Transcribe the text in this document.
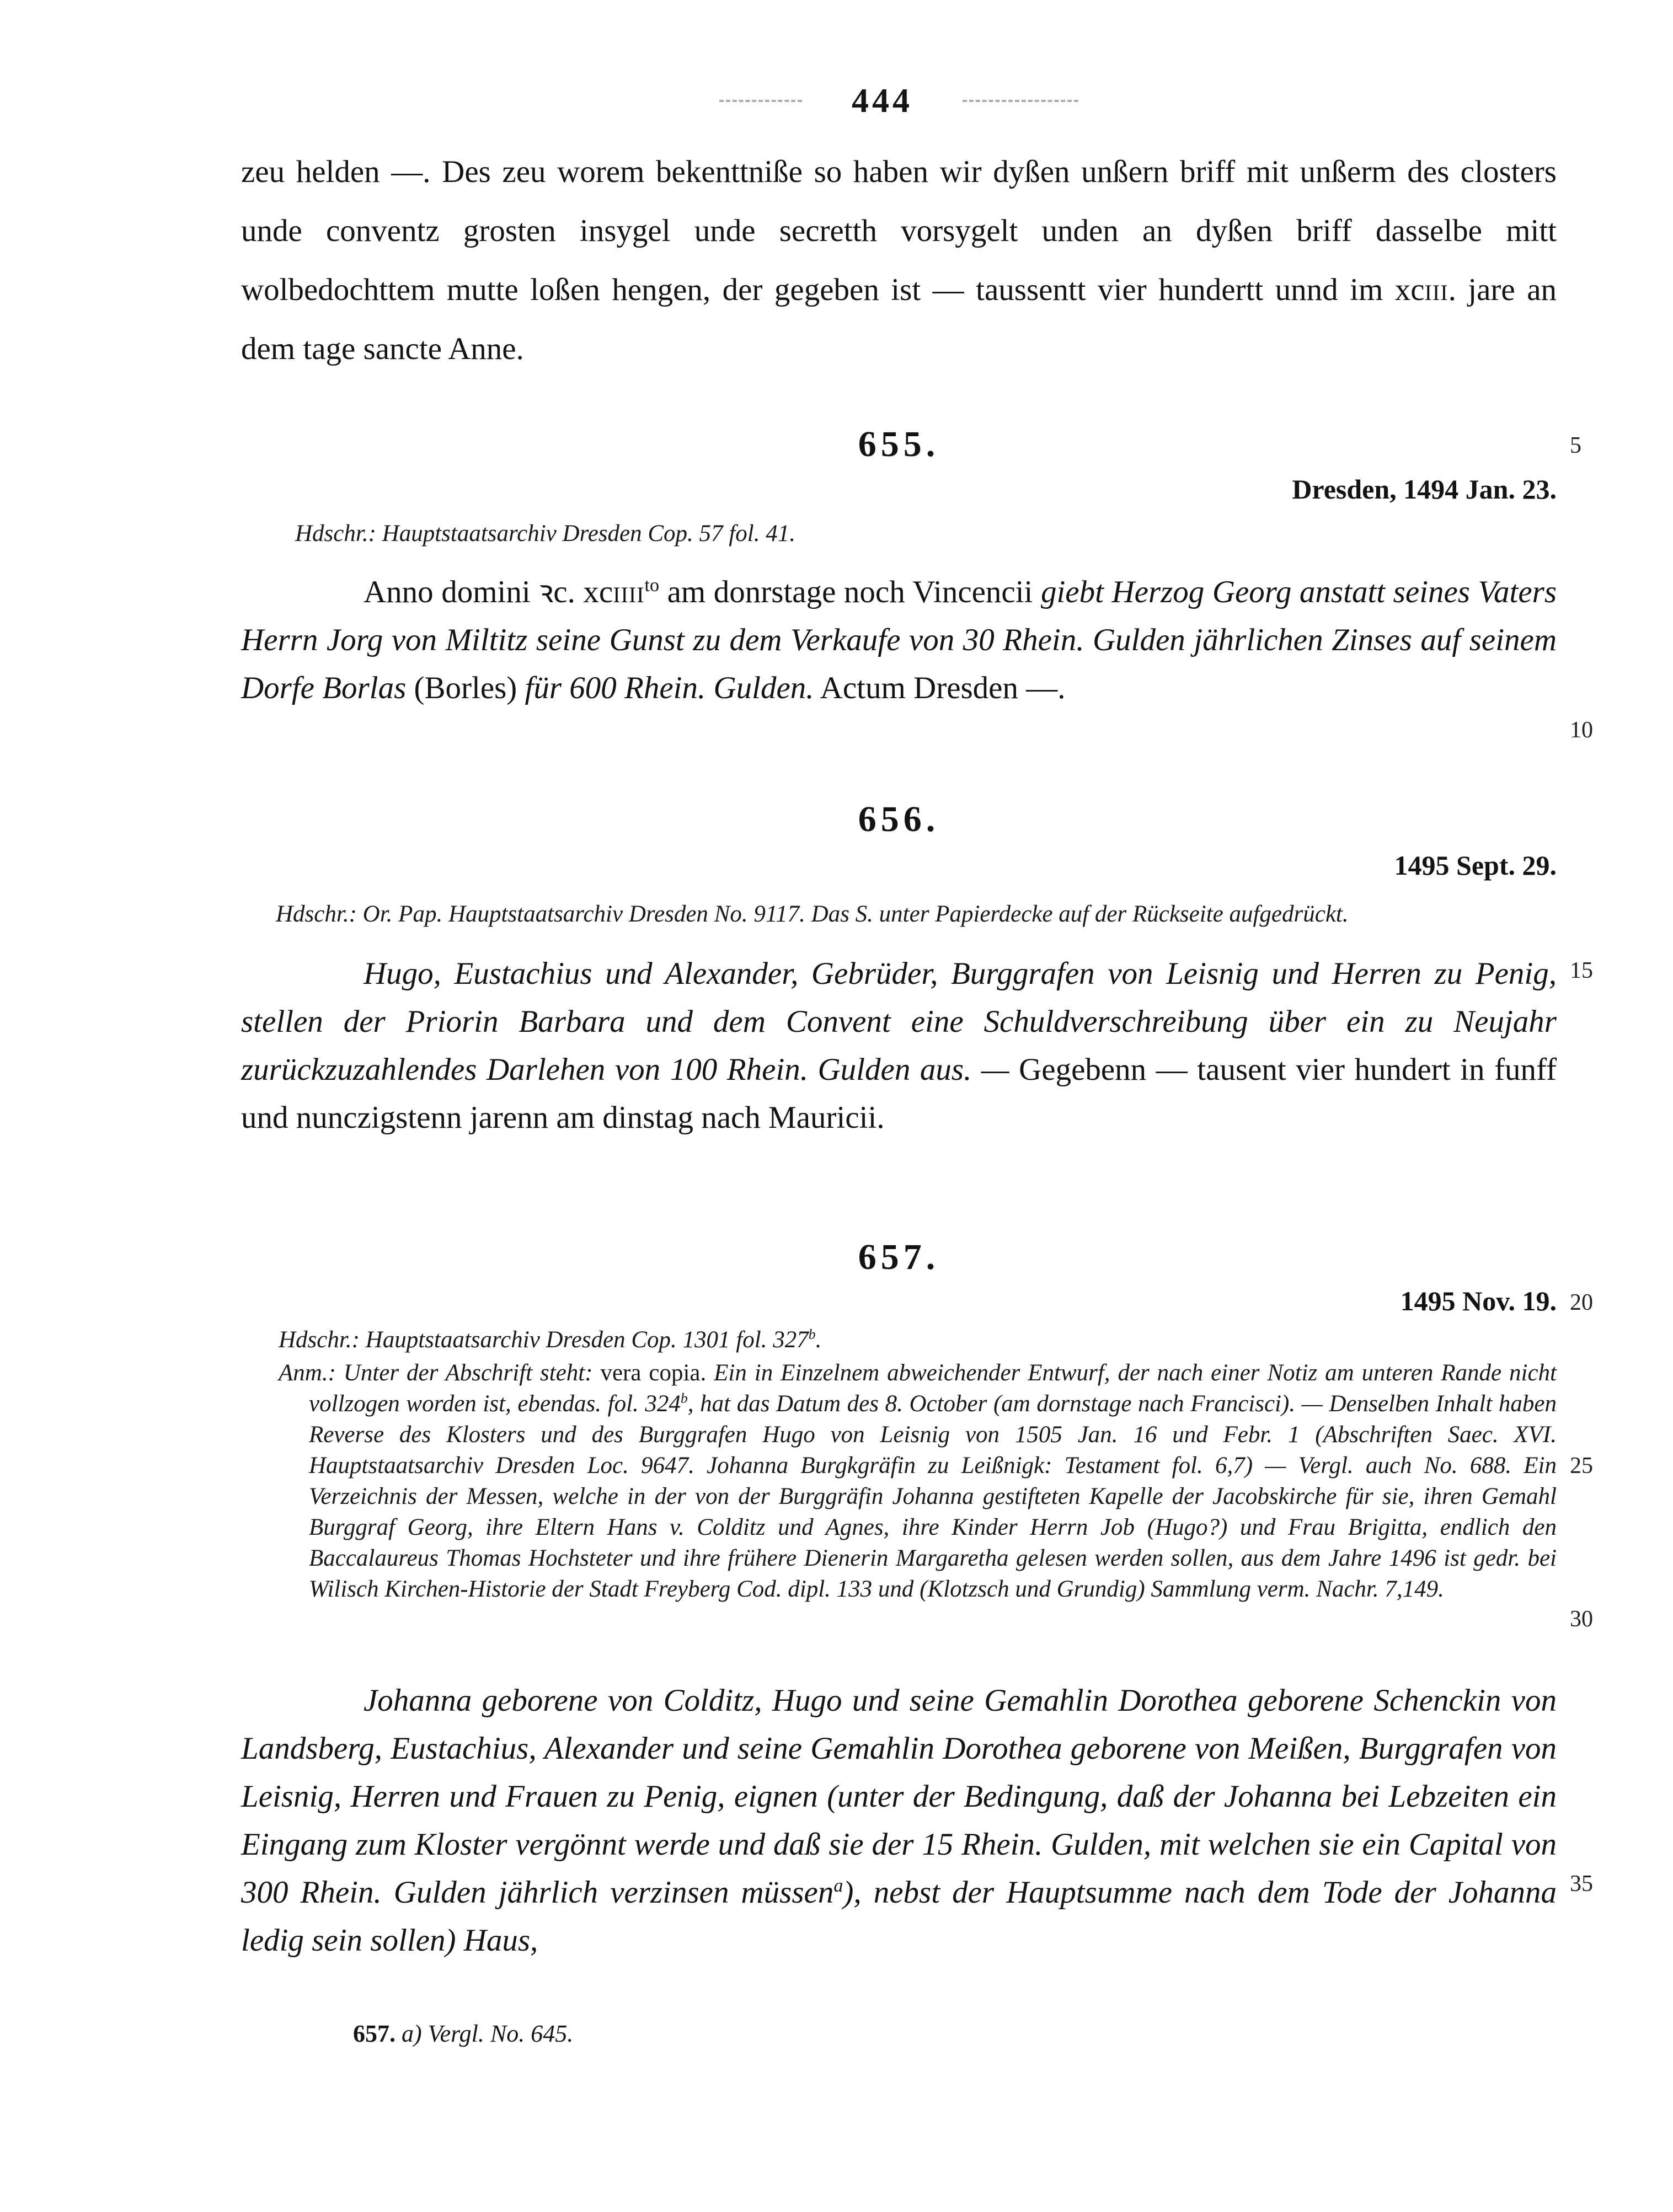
444
zeu helden —. Des zeu worem bekenttniße so haben wir dyßen unßern briff mit unßerm des closters unde conventz grosten insygel unde secretth vorsygelt unden an dyßen briff dasselbe mitt wolbedochttem mutte loßen hengen, der gegeben ist — taussentt vier hundertt unnd im xciii. jare an dem tage sancte Anne.
655.
Dresden, 1494 Jan. 23.
Hdschr.: Hauptstaatsarchiv Dresden Cop. 57 fol. 41.
Anno domini ꝛc. xciiii$^{to}$ am donrstage noch Vincencii giebt Herzog Georg anstatt seines Vaters Herrn Jorg von Miltitz seine Gunst zu dem Verkaufe von 30 Rhein. Gulden jährlichen Zinses auf seinem Dorfe Borlas (Borles) für 600 Rhein. Gulden. Actum Dresden —.
656.
1495 Sept. 29.
Hdschr.: Or. Pap. Hauptstaatsarchiv Dresden No. 9117. Das S. unter Papierdecke auf der Rückseite aufgedrückt.
Hugo, Eustachius und Alexander, Gebrüder, Burggrafen von Leisnig und Herren zu Penig, stellen der Priorin Barbara und dem Convent eine Schuldverschreibung über ein zu Neujahr zurückzuzahlendes Darlehen von 100 Rhein. Gulden aus. — Gegebenn — tausent vier hundert in funff und nunczigstenn jarenn am dinstag nach Mauricii.
657.
1495 Nov. 19.
Hdschr.: Hauptstaatsarchiv Dresden Cop. 1301 fol. 327$^b$.
Anm.: Unter der Abschrift steht: vera copia. Ein in Einzelnem abweichender Entwurf, der nach einer Notiz am unteren Rande nicht vollzogen worden ist, ebendas. fol. 324$^b$, hat das Datum des 8. October (am dornstage nach Francisci). — Denselben Inhalt haben Reverse des Klosters und des Burggrafen Hugo von Leisnig von 1505 Jan. 16 und Febr. 1 (Abschriften Saec. XVI. Hauptstaatsarchiv Dresden Loc. 9647. Johanna Burgkgräfin zu Leißnigk: Testament fol. 6,7) — Vergl. auch No. 688. Ein Verzeichnis der Messen, welche in der von der Burggräfin Johanna gestifteten Kapelle der Jacobskirche für sie, ihren Gemahl Burggraf Georg, ihre Eltern Hans v. Colditz und Agnes, ihre Kinder Herrn Job (Hugo?) und Frau Brigitta, endlich den Baccalaureus Thomas Hochsteter und ihre frühere Dienerin Margaretha gelesen werden sollen, aus dem Jahre 1496 ist gedr. bei Wilisch Kirchen-Historie der Stadt Freyberg Cod. dipl. 133 und (Klotzsch und Grundig) Sammlung verm. Nachr. 7,149.
Johanna geborene von Colditz, Hugo und seine Gemahlin Dorothea geborene Schenckin von Landsberg, Eustachius, Alexander und seine Gemahlin Dorothea geborene von Meißen, Burggrafen von Leisnig, Herren und Frauen zu Penig, eignen (unter der Bedingung, daß der Johanna bei Lebzeiten ein Eingang zum Kloster vergönnt werde und daß sie der 15 Rhein. Gulden, mit welchen sie ein Capital von 300 Rhein. Gulden jährlich verzinsen müssen$^a$), nebst der Hauptsumme nach dem Tode der Johanna ledig sein sollen) Haus,
657. a) Vergl. No. 645.
5
10
15
20
25
30
35
